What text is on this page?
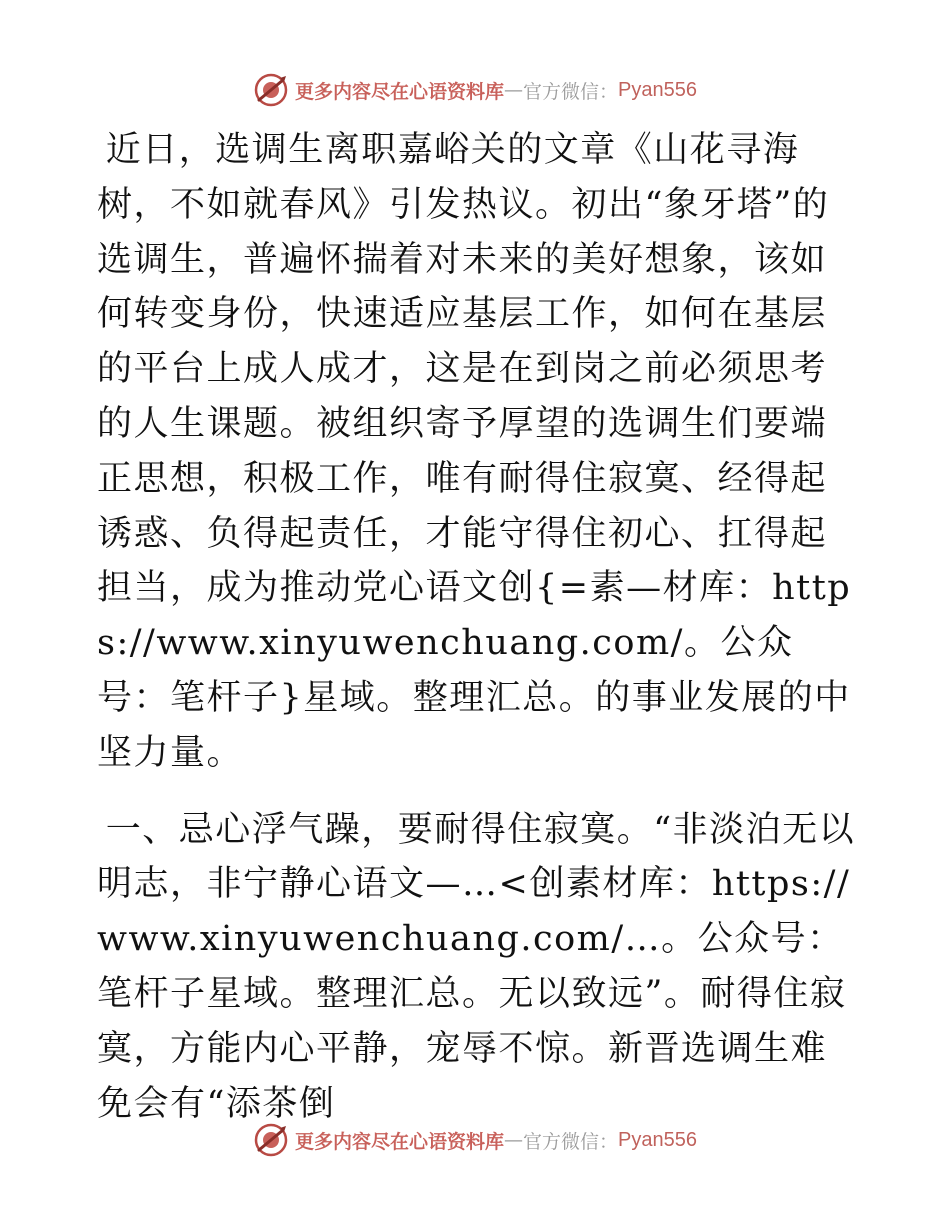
更多内容尽在心语资料库 — 官方微信： Pyan556

近日，选调生离职嘉峪关的文章《山花寻海树，不如就春风》引发热议。初出“象牙塔”的选调生，普遍怀揣着对未来的美好想象，该如何转变身份，快速适应基层工作，如何在基层的平台上成人成才，这是在到岗之前必须思考的人生课题。被组织寄予厚望的选调生们要端正思想，积极工作，唯有耐得住寂寞、经得起诱惑、负得起责任，才能守得住初心、扛得起担当，成为推动党心语文创{=素—材库：https://www.xinyuwenchuang.com/。公众号：笔杆子}星域。整理汇总。的事业发展的中坚力量。

一、忌心浮气躁，要耐得住寂寞。“非淡泊无以明志，非宁静心语文—…<创素材库：https://www.xinyuwenchuang.com/…。公众号：笔杆子星域。整理汇总。无以致远”。耐得住寂寞，方能内心平静，宠辱不惊。新晋选调生难免会有“添茶倒

更多内容尽在心语资料库 — 官方微信： Pyan556
